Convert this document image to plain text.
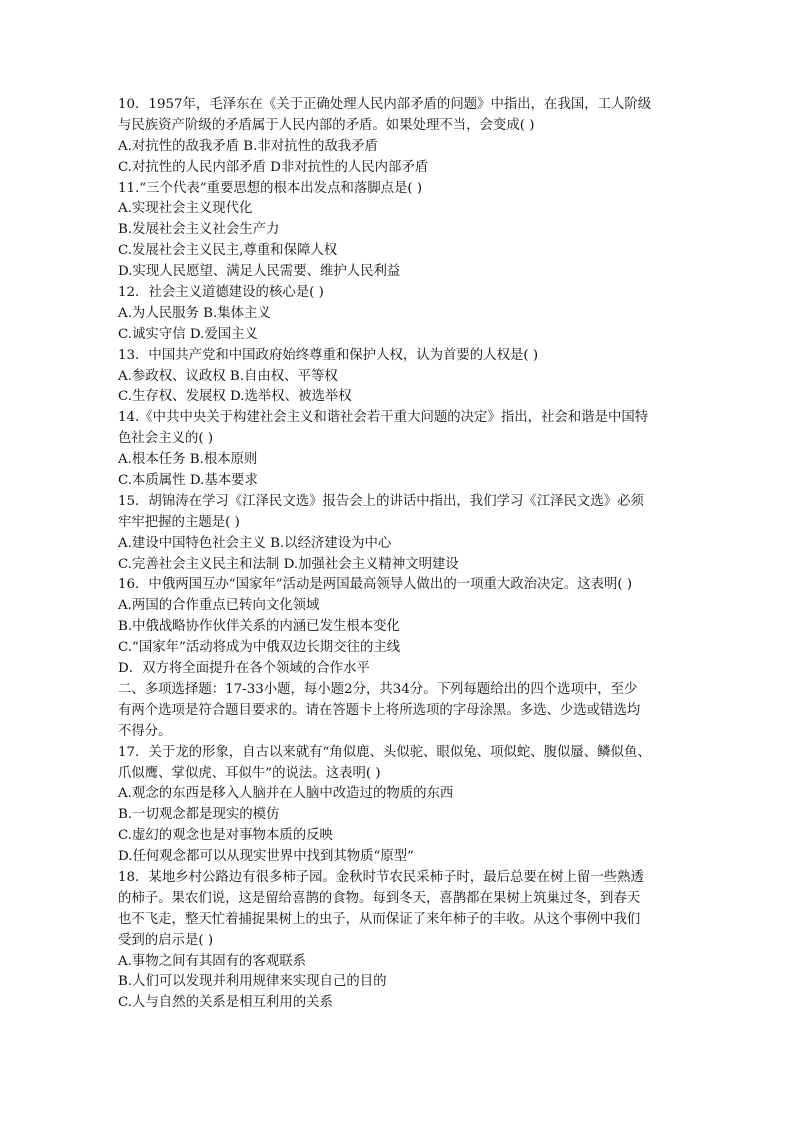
10．1957年，毛泽东在《关于正确处理人民内部矛盾的问题》中指出，在我国，工人阶级
与民族资产阶级的矛盾属于人民内部的矛盾。如果处理不当，会变成( )
A.对抗性的敌我矛盾 B.非对抗性的敌我矛盾
C.对抗性的人民内部矛盾 D非对抗性的人民内部矛盾
11.“三个代表”重要思想的根本出发点和落脚点是( )
A.实现社会主义现代化
B.发展社会主义社会生产力
C.发展社会主义民主,尊重和保障人权
D.实现人民愿望、满足人民需要、维护人民利益
12．社会主义道德建设的核心是( )
A.为人民服务 B.集体主义
C.诚实守信 D.爱国主义
13．中国共产党和中国政府始终尊重和保护人权，认为首要的人权是( )
A.参政权、议政权 B.自由权、平等权
C.生存权、发展权 D.选举权、被选举权
14.《中共中央关于构建社会主义和谐社会若干重大问题的决定》指出，社会和谐是中国特
色社会主义的( )
A.根本任务 B.根本原则
C.本质属性 D.基本要求
15．胡锦涛在学习《江泽民文选》报告会上的讲话中指出，我们学习《江泽民文选》必须
牢牢把握的主题是( )
A.建设中国特色社会主义 B.以经济建设为中心
C.完善社会主义民主和法制 D.加强社会主义精神文明建设
16．中俄两国互办“国家年”活动是两国最高领导人做出的一项重大政治决定。这表明( )
A.两国的合作重点已转向文化领域
B.中俄战略协作伙伴关系的内涵已发生根本变化
C.“国家年”活动将成为中俄双边长期交往的主线
D．双方将全面提升在各个领域的合作水平
二、多项选择题：17-33小题，每小题2分，共34分。下列每题给出的四个选项中，至少
有两个选项是符合题目要求的。请在答题卡上将所选项的字母涂黑。多选、少选或错选均
不得分。
17．关于龙的形象，自古以来就有“角似鹿、头似驼、眼似兔、项似蛇、腹似蜃、鳞似鱼、
爪似鹰、掌似虎、耳似牛”的说法。这表明( )
A.观念的东西是移入人脑并在人脑中改造过的物质的东西
B.一切观念都是现实的模仿
C.虚幻的观念也是对事物本质的反映
D.任何观念都可以从现实世界中找到其物质“原型”
18．某地乡村公路边有很多柿子园。金秋时节农民采柿子时，最后总要在树上留一些熟透
的柿子。果农们说，这是留给喜鹊的食物。每到冬天，喜鹊都在果树上筑巢过冬，到春天
也不飞走，整天忙着捕捉果树上的虫子，从而保证了来年柿子的丰收。从这个事例中我们
受到的启示是( )
A.事物之间有其固有的客观联系
B.人们可以发现并利用规律来实现自己的目的
C.人与自然的关系是相互利用的关系
